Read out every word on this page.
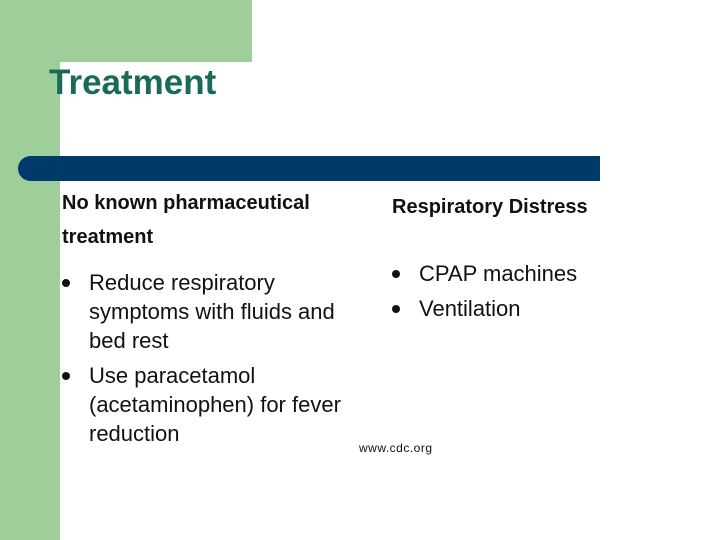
Treatment
No known pharmaceutical treatment
Respiratory Distress
Reduce respiratory symptoms with fluids and bed rest
Use paracetamol (acetaminophen) for fever reduction
CPAP machines
Ventilation
www.cdc.org
